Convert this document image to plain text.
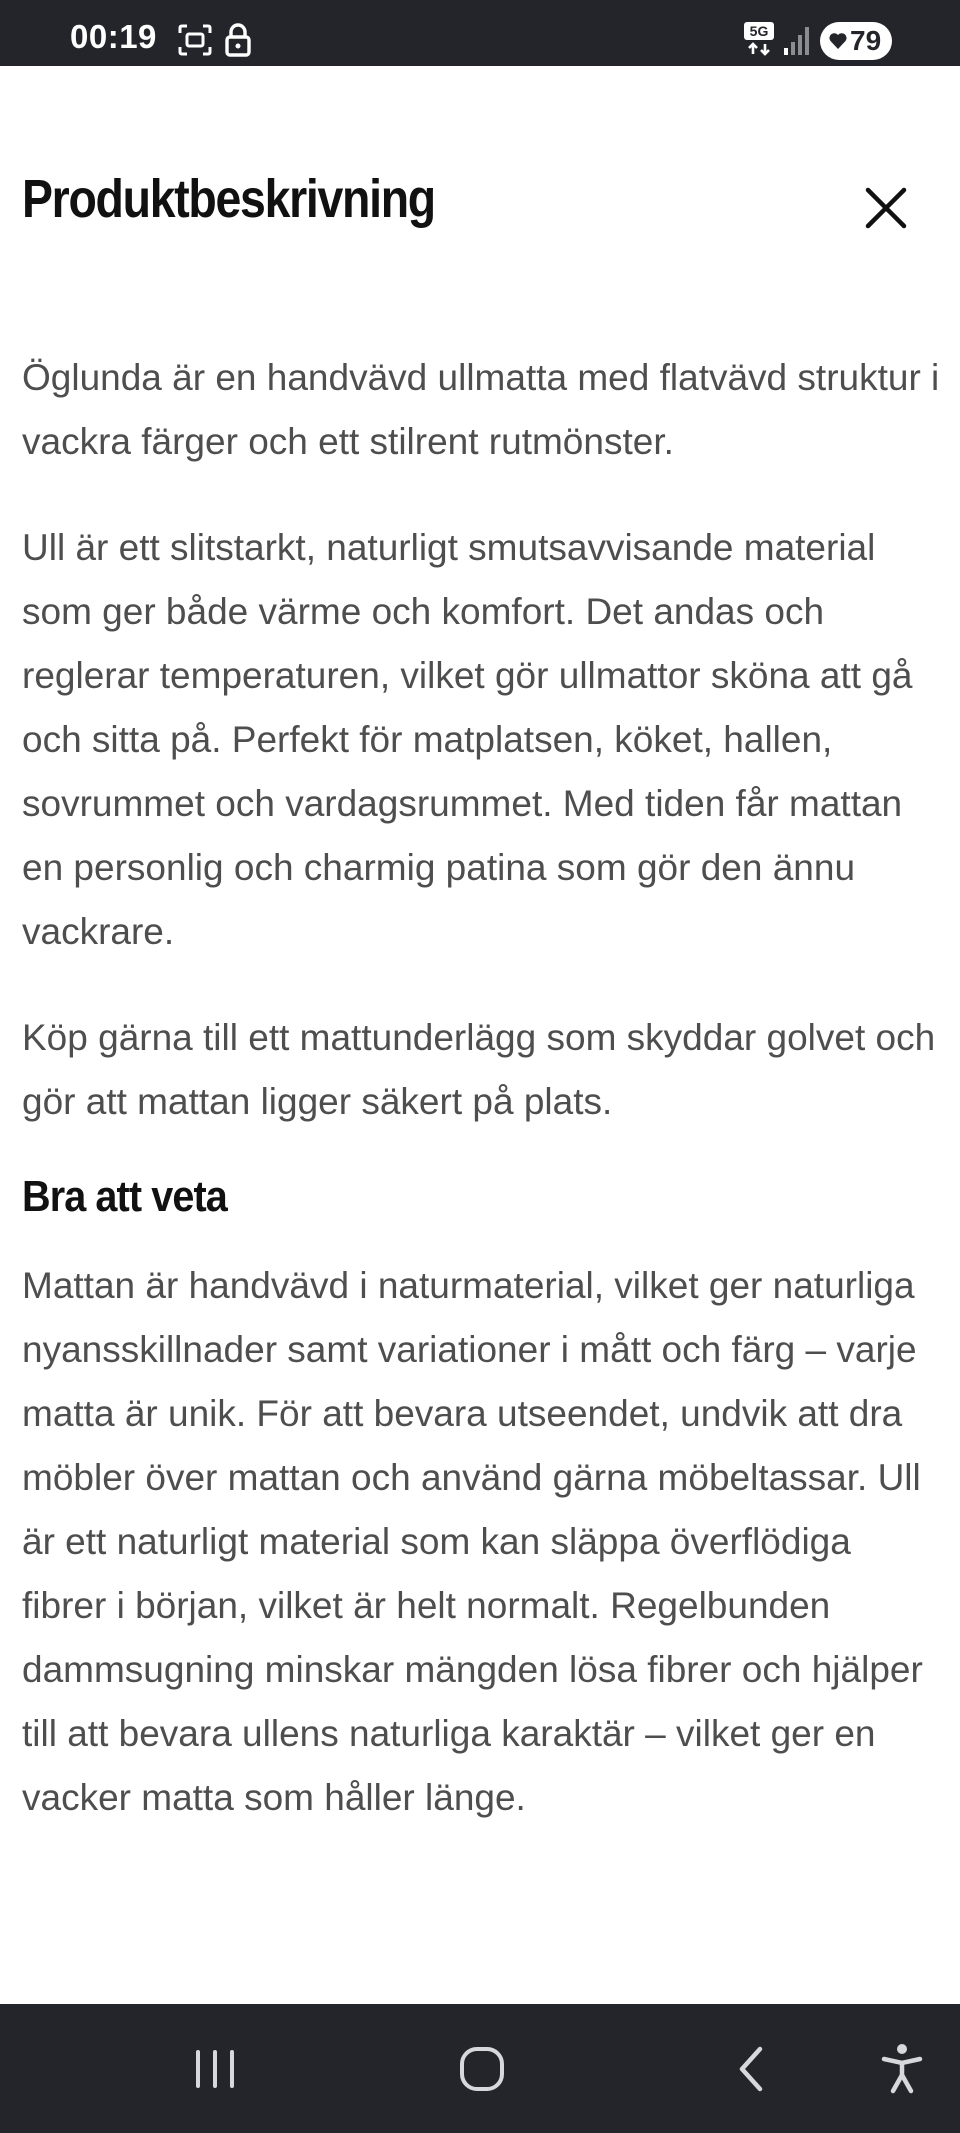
00:19	5G	79
Produktbeskrivning

Öglunda är en handvävd ullmatta med flatvävd struktur i vackra färger och ett stilrent rutmönster.

Ull är ett slitstarkt, naturligt smutsavvisande material som ger både värme och komfort. Det andas och reglerar temperaturen, vilket gör ullmattor sköna att gå och sitta på. Perfekt för matplatsen, köket, hallen, sovrummet och vardagsrummet. Med tiden får mattan en personlig och charmig patina som gör den ännu vackrare.

Köp gärna till ett mattunderlägg som skyddar golvet och gör att mattan ligger säkert på plats.

Bra att veta

Mattan är handvävd i naturmaterial, vilket ger naturliga nyansskillnader samt variationer i mått och färg – varje matta är unik. För att bevara utseendet, undvik att dra möbler över mattan och använd gärna möbeltassar. Ull är ett naturligt material som kan släppa överflödiga fibrer i början, vilket är helt normalt. Regelbunden dammsugning minskar mängden lösa fibrer och hjälper till att bevara ullens naturliga karaktär – vilket ger en vacker matta som håller länge.
